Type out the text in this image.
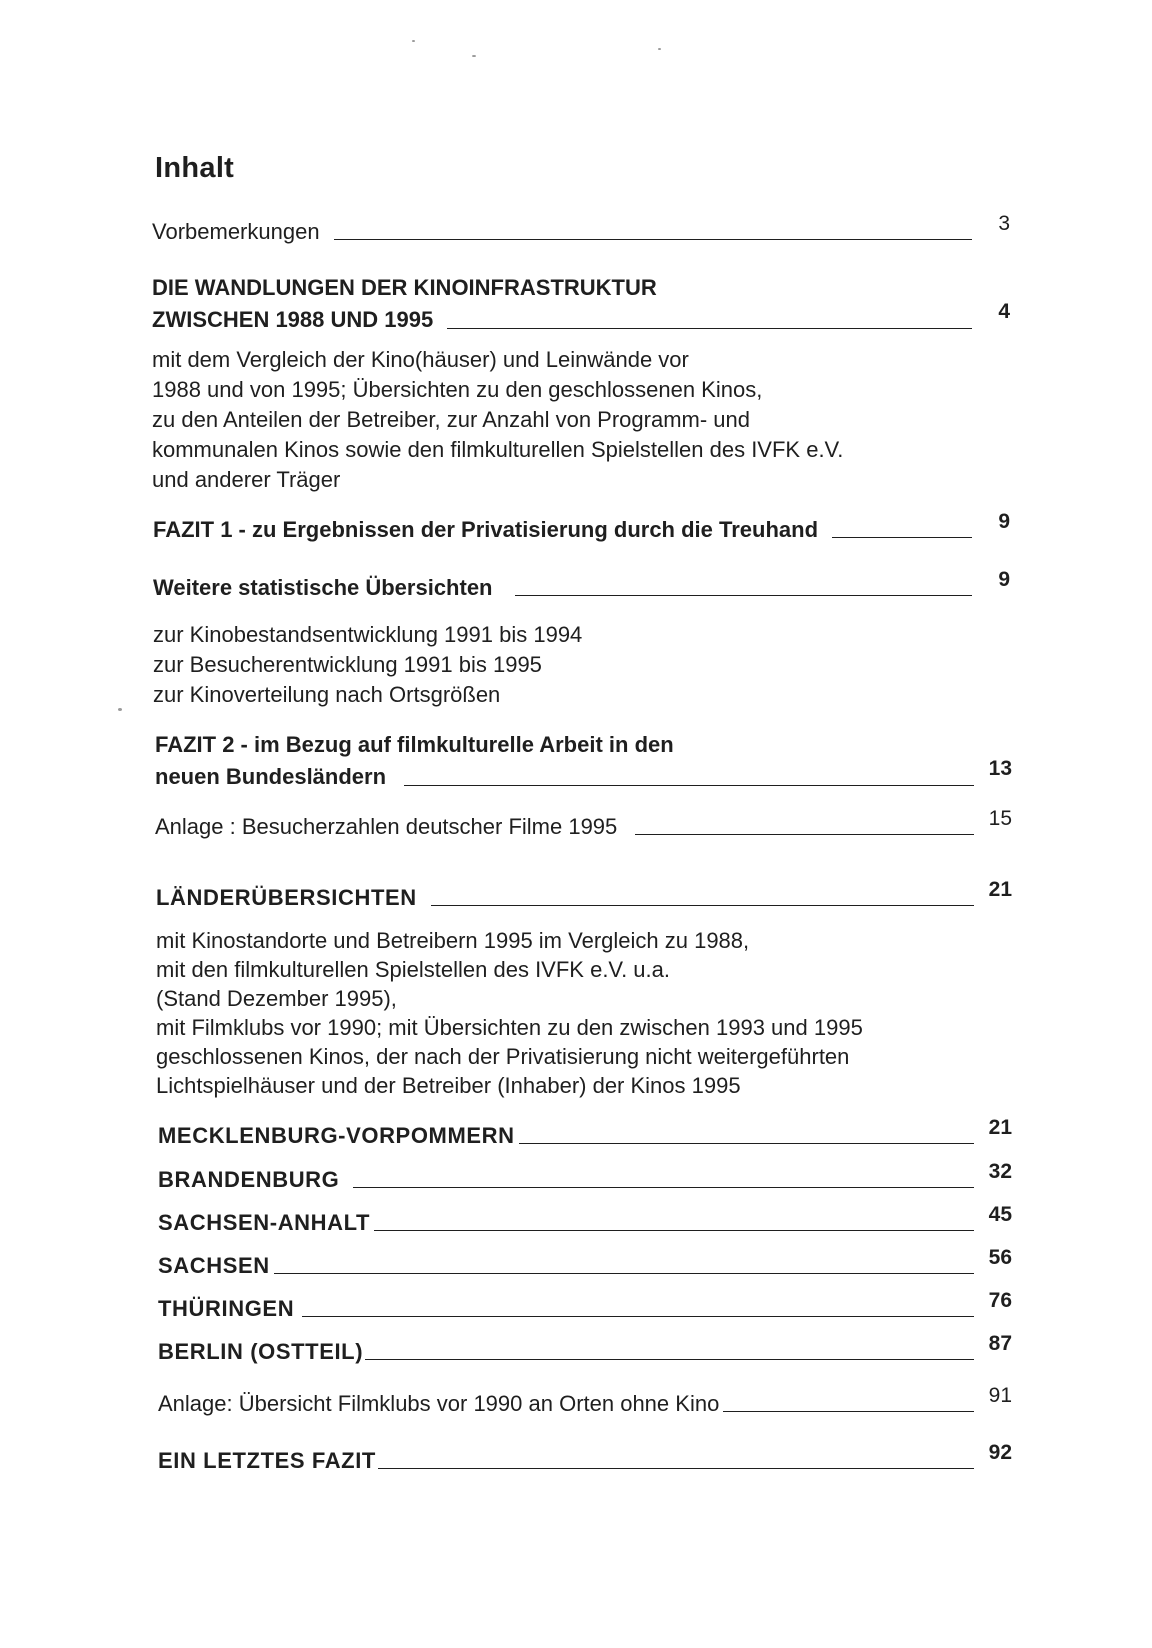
Inhalt
Vorbemerkungen	3
DIE WANDLUNGEN DER KINOINFRASTRUKTUR
ZWISCHEN 1988 UND 1995	4
mit dem Vergleich der Kino(häuser) und Leinwände vor
1988 und von 1995; Übersichten zu den geschlossenen Kinos,
zu den Anteilen der Betreiber, zur Anzahl von Programm- und
kommunalen Kinos sowie den filmkulturellen Spielstellen des IVFK e.V.
und anderer Träger
FAZIT 1 - zu Ergebnissen der Privatisierung durch die Treuhand	9
Weitere statistische Übersichten	9
zur Kinobestandsentwicklung 1991 bis 1994
zur Besucherentwicklung 1991 bis 1995
zur Kinoverteilung nach Ortsgrößen
FAZIT 2 - im Bezug auf filmkulturelle Arbeit in den
neuen Bundesländern	13
Anlage : Besucherzahlen deutscher Filme 1995	15
LÄNDERÜBERSICHTEN	21
mit Kinostandorte und Betreibern 1995 im Vergleich zu 1988,
mit den filmkulturellen Spielstellen des IVFK e.V. u.a.
(Stand Dezember 1995),
mit Filmklubs vor 1990; mit Übersichten zu den zwischen 1993 und 1995
geschlossenen Kinos, der nach der Privatisierung nicht weitergeführten
Lichtspielhäuser und der Betreiber (Inhaber) der Kinos 1995
MECKLENBURG-VORPOMMERN	21
BRANDENBURG	32
SACHSEN-ANHALT	45
SACHSEN	56
THÜRINGEN	76
BERLIN (OSTTEIL)	87
Anlage: Übersicht Filmklubs vor 1990 an Orten ohne Kino	91
EIN LETZTES FAZIT	92
